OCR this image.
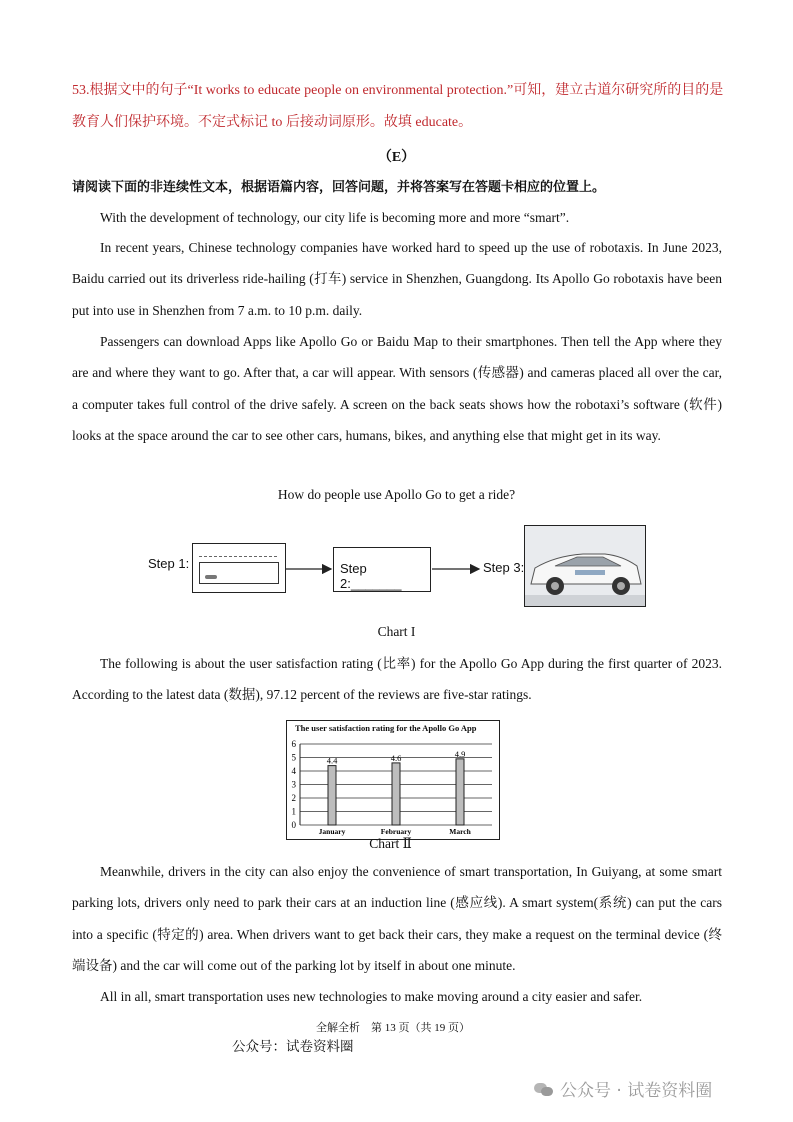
53.根据文中的句子“It works to educate people on environmental protection.”可知，建立古道尔研究所的目的是
教育人们保护环境。不定式标记 to 后接动词原形。故填 educate。
（E）
请阅读下面的非连续性文本，根据语篇内容，回答问题，并将答案写在答题卡相应的位置上。
With the development of technology, our city life is becoming more and more “smart”.
In recent years, Chinese technology companies have worked hard to speed up the use of robotaxis. In June 2023, Baidu carried out its driverless ride-hailing (打车) service in Shenzhen, Guangdong. Its Apollo Go robotaxis have been put into use in Shenzhen from 7 a.m. to 10 p.m. daily.
Passengers can download Apps like Apollo Go or Baidu Map to their smartphones. Then tell the App where they are and where they want to go. After that, a car will appear. With sensors (传感器) and cameras placed all over the car, a computer takes full control of the drive safely. A screen on the back seats shows how the robotaxi’s software (软件) looks at the space around the car to see other cars, humans, bikes, and anything else that might get in its way.
How do people use Apollo Go to get a ride?
Step 1:	Step 2:_______
Step 3:
Chart I
The following is about the user satisfaction rating (比率) for the Apollo Go App during the first quarter of 2023. According to the latest data (数据), 97.12 percent of the reviews are five-star ratings.
The user satisfaction rating for the Apollo Go App
0
1
2
3
4
5
6
4.4
January
4.6
February
4.9
March
Chart Ⅱ
Meanwhile, drivers in the city can also enjoy the convenience of smart transportation, In Guiyang, at some smart parking lots, drivers only need to park their cars at an induction line (感应线). A smart system(系统) can put the cars into a specific (特定的) area. When drivers want to get back their cars, they make a request on the terminal device (终端设备) and the car will come out of the parking lot by itself in about one minute.
All in all, smart transportation uses new technologies to make moving around a city easier and safer.
全解全析　第 13 页（共 19 页）
公众号：试卷资料圈
公众号 · 试卷资料圈
